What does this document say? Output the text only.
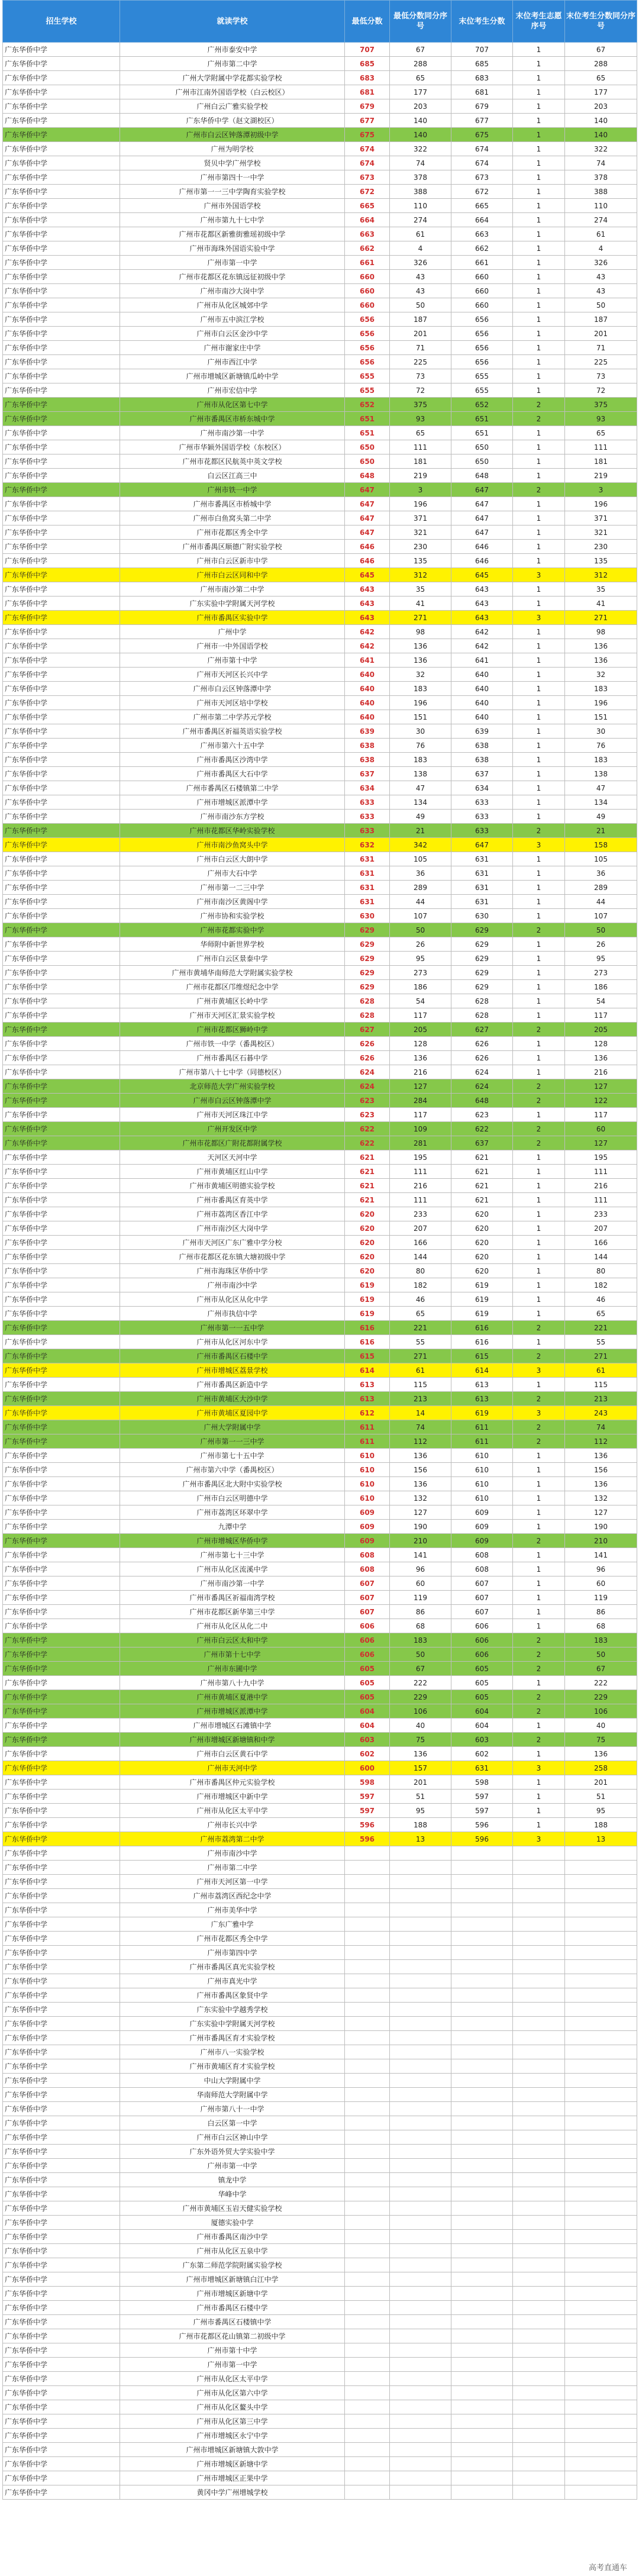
招生学校	就读学校	最低分数	最低分数同分序号	末位考生分数	末位考生志愿序号	末位考生分数同分序号
广东华侨中学	广州市泰安中学	707	67	707	1	67
广东华侨中学	广州市第二中学	685	288	685	1	288
广东华侨中学	广州大学附属中学花都实验学校	683	65	683	1	65
广东华侨中学	广州市江南外国语学校（白云校区）	681	177	681	1	177
广东华侨中学	广州白云广雅实验学校	679	203	679	1	203
广东华侨中学	广东华侨中学（赵文湖校区）	677	140	677	1	140
广东华侨中学	广州市白云区钟落潭初级中学	675	140	675	1	140
广东华侨中学	广州为明学校	674	322	674	1	322
广东华侨中学	贤贝中学广州学校	674	74	674	1	74
广东华侨中学	广州市第四十一中学	673	378	673	1	378
广东华侨中学	广州市第一一三中学陶育实验学校	672	388	672	1	388
广东华侨中学	广州市外国语学校	665	110	665	1	110
广东华侨中学	广州市第九十七中学	664	274	664	1	274
广东华侨中学	广州市花都区新雅街雅瑶初级中学	663	61	663	1	61
广东华侨中学	广州市海珠外国语实验中学	662	4	662	1	4
广东华侨中学	广州市第一中学	661	326	661	1	326
广东华侨中学	广州市花都区花东镇远征初级中学	660	43	660	1	43
广东华侨中学	广州市南沙大岗中学	660	43	660	1	43
广东华侨中学	广州市从化区城郊中学	660	50	660	1	50
广东华侨中学	广州市五中滨江学校	656	187	656	1	187
广东华侨中学	广州市白云区金沙中学	656	201	656	1	201
广东华侨中学	广州市谢家庄中学	656	71	656	1	71
广东华侨中学	广州市西江中学	656	225	656	1	225
广东华侨中学	广州市增城区新塘镇瓜岭中学	655	73	655	1	73
广东华侨中学	广州市宏信中学	655	72	655	1	72
广东华侨中学	广州市从化区第七中学	652	375	652	2	375
广东华侨中学	广州市番禺区市桥东城中学	651	93	651	2	93
广东华侨中学	广州市南沙第一中学	651	65	651	1	65
广东华侨中学	广州市华颖外国语学校（东校区）	650	111	650	1	111
广东华侨中学	广州市花都区民航英中英文学校	650	181	650	1	181
广东华侨中学	白云区江高三中	648	219	648	1	219
广东华侨中学	广州市铁一中学	647	3	647	2	3
广东华侨中学	广州市番禺区市桥城中学	647	196	647	1	196
广东华侨中学	广州市白鱼窝头第二中学	647	371	647	1	371
广东华侨中学	广州市花都区秀全中学	647	321	647	1	321
广东华侨中学	广州市番禺区顺德广附实验学校	646	230	646	1	230
广东华侨中学	广州市白云区新市中学	646	135	646	1	135
广东华侨中学	广州市白云区同和中学	645	312	645	3	312
广东华侨中学	广州市南沙第二中学	643	35	643	1	35
广东华侨中学	广东实验中学附属天河学校	643	41	643	1	41
广东华侨中学	广州市番禺区实验中学	643	271	643	3	271
广东华侨中学	广州中学	642	98	642	1	98
广东华侨中学	广州市一中外国语学校	642	136	642	1	136
广东华侨中学	广州市第十中学	641	136	641	1	136
广东华侨中学	广州市天河区长兴中学	640	32	640	1	32
广东华侨中学	广州市白云区钟落潭中学	640	183	640	1	183
广东华侨中学	广州市天河区培中学校	640	196	640	1	196
广东华侨中学	广州市第二中学苏元学校	640	151	640	1	151
广东华侨中学	广州市番禺区祈福英语实验学校	639	30	639	1	30
广东华侨中学	广州市第六十五中学	638	76	638	1	76
广东华侨中学	广州市番禺区沙湾中学	638	183	638	1	183
广东华侨中学	广州市番禺区大石中学	637	138	637	1	138
广东华侨中学	广州市番禺区石楼镇第二中学	634	47	634	1	47
广东华侨中学	广州市增城区派潭中学	633	134	633	1	134
广东华侨中学	广州市南沙东方学校	633	49	633	1	49
广东华侨中学	广州市花都区华岭实验学校	633	21	633	2	21
广东华侨中学	广州市南沙鱼窝头中学	632	342	647	3	158
广东华侨中学	广州市白云区大朗中学	631	105	631	1	105
广东华侨中学	广州市大石中学	631	36	631	1	36
广东华侨中学	广州市第一二三中学	631	289	631	1	289
广东华侨中学	广州市南沙区黄阁中学	631	44	631	1	44
广东华侨中学	广州市协和实验学校	630	107	630	1	107
广东华侨中学	广州市花都实验中学	629	50	629	2	50
广东华侨中学	华师附中新世界学校	629	26	629	1	26
广东华侨中学	广州市白云区景泰中学	629	95	629	1	95
广东华侨中学	广州市黄埔华南师范大学附属实验学校	629	273	629	1	273
广东华侨中学	广州市花都区邝维煜纪念中学	629	186	629	1	186
广东华侨中学	广州市黄埔区长岭中学	628	54	628	1	54
广东华侨中学	广州市天河区汇景实验学校	628	117	628	1	117
广东华侨中学	广州市花都区狮岭中学	627	205	627	2	205
广东华侨中学	广州市铁一中学（番禺校区）	626	128	626	1	128
广东华侨中学	广州市番禺区石碁中学	626	136	626	1	136
广东华侨中学	广州市第八十七中学（同德校区）	624	216	624	1	216
广东华侨中学	北京师范大学广州实验学校	624	127	624	2	127
广东华侨中学	广州市白云区钟落潭中学	623	284	648	2	122
广东华侨中学	广州市天河区珠江中学	623	117	623	1	117
广东华侨中学	广州开发区中学	622	109	622	2	60
广东华侨中学	广州市花都区广附花都附属学校	622	281	637	2	127
广东华侨中学	天河区天河中学	621	195	621	1	195
广东华侨中学	广州市黄埔区红山中学	621	111	621	1	111
广东华侨中学	广州市黄埔区明德实验学校	621	216	621	1	216
广东华侨中学	广州市番禺区育英中学	621	111	621	1	111
广东华侨中学	广州市荔湾区香江中学	620	233	620	1	233
广东华侨中学	广州市南沙区大岗中学	620	207	620	1	207
广东华侨中学	广州市天河区广东广雅中学分校	620	166	620	1	166
广东华侨中学	广州市花都区花东镇大塘初级中学	620	144	620	1	144
广东华侨中学	广州市海珠区华侨中学	620	80	620	1	80
广东华侨中学	广州市南沙中学	619	182	619	1	182
广东华侨中学	广州市从化区从化中学	619	46	619	1	46
广东华侨中学	广州市执信中学	619	65	619	1	65
广东华侨中学	广州市第一一五中学	616	221	616	2	221
广东华侨中学	广州市从化区河东中学	616	55	616	1	55
广东华侨中学	广州市番禺区石楼中学	615	271	615	2	271
广东华侨中学	广州市增城区荔景学校	614	61	614	3	61
广东华侨中学	广州市番禺区新造中学	613	115	613	1	115
广东华侨中学	广州市黄埔区大沙中学	613	213	613	2	213
广东华侨中学	广州市黄埔区夏园中学	612	14	619	3	243
广东华侨中学	广州大学附属中学	611	74	611	2	74
广东华侨中学	广州市第一一三中学	611	112	611	2	112
广东华侨中学	广州市第七十五中学	610	136	610	1	136
广东华侨中学	广州市第六中学（番禺校区）	610	156	610	1	156
广东华侨中学	广州市番禺区北大附中实验学校	610	136	610	1	136
广东华侨中学	广州市白云区明德中学	610	132	610	1	132
广东华侨中学	广州市荔湾区环翠中学	609	127	609	1	127
广东华侨中学	九潭中学	609	190	609	1	190
广东华侨中学	广州市增城区华侨中学	609	210	609	2	210
广东华侨中学	广州市第七十三中学	608	141	608	1	141
广东华侨中学	广州市从化区流溪中学	608	96	608	1	96
广东华侨中学	广州市南沙第一中学	607	60	607	1	60
广东华侨中学	广州市番禺区祈福南湾学校	607	119	607	1	119
广东华侨中学	广州市花都区新华第三中学	607	86	607	1	86
广东华侨中学	广州市从化区从化二中	606	68	606	1	68
广东华侨中学	广州市白云区太和中学	606	183	606	2	183
广东华侨中学	广州市第十七中学	606	50	606	2	50
广东华侨中学	广州市东圃中学	605	67	605	2	67
广东华侨中学	广州市第八十九中学	605	222	605	1	222
广东华侨中学	广州市黄埔区夏港中学	605	229	605	2	229
广东华侨中学	广州市增城区派潭中学	604	106	604	2	106
广东华侨中学	广州市增城区石滩镇中学	604	40	604	1	40
广东华侨中学	广州市增城区新塘镇和中学	603	75	603	2	75
广东华侨中学	广州市白云区黄石中学	602	136	602	1	136
广东华侨中学	广州市天河中学	600	157	631	3	258
广东华侨中学	广州市番禺区仲元实验学校	598	201	598	1	201
广东华侨中学	广州市增城区中新中学	597	51	597	1	51
广东华侨中学	广州市从化区太平中学	597	95	597	1	95
广东华侨中学	广州市长兴中学	596	188	596	1	188
广东华侨中学	广州市荔湾第二中学	596	13	596	3	13
广东华侨中学	广州市南沙中学					
广东华侨中学	广州市第二中学					
广东华侨中学	广州市天河区第一中学					
广东华侨中学	广州市荔湾区西纪念中学					
广东华侨中学	广州市美华中学					
广东华侨中学	广东广雅中学					
广东华侨中学	广州市花都区秀全中学					
广东华侨中学	广州市第四中学					
广东华侨中学	广州市番禺区真光实验学校					
广东华侨中学	广州市真光中学					
广东华侨中学	广州市番禺区象贤中学					
广东华侨中学	广东实验中学越秀学校					
广东华侨中学	广东实验中学附属天河学校					
广东华侨中学	广州市番禺区育才实验学校					
广东华侨中学	广州市八一实验学校					
广东华侨中学	广州市黄埔区育才实验学校					
广东华侨中学	中山大学附属中学					
广东华侨中学	华南师范大学附属中学					
广东华侨中学	广州市第八十一中学					
广东华侨中学	白云区第一中学					
广东华侨中学	广州市白云区神山中学					
广东华侨中学	广东外语外贸大学实验中学					
广东华侨中学	广州市第一中学					
广东华侨中学	镇龙中学					
广东华侨中学	华峰中学					
广东华侨中学	广州市黄埔区玉岩天健实验学校					
广东华侨中学	厦德实验中学					
广东华侨中学	广州市番禺区南沙中学					
广东华侨中学	广州市从化区五泉中学					
广东华侨中学	广东第二师范学院附属实验学校					
广东华侨中学	广州市增城区新塘镇白江中学					
广东华侨中学	广州市增城区新塘中学					
广东华侨中学	广州市番禺区石楼中学					
广东华侨中学	广州市番禺区石楼镇中学					
广东华侨中学	广州市花都区花山镇第二初级中学					
广东华侨中学	广州市第十中学					
广东华侨中学	广州市第一中学					
广东华侨中学	广州市从化区太平中学					
广东华侨中学	广州市从化区第六中学					
广东华侨中学	广州市从化区鳌头中学					
广东华侨中学	广州市从化区第三中学					
广东华侨中学	广州市增城区永宁中学					
广东华侨中学	广州市增城区新塘镇大敦中学					
广东华侨中学	广州市增城区新塘中学					
广东华侨中学	广州市增城区正果中学					
广东华侨中学	黄冈中学广州增城学校					
高考直通车
